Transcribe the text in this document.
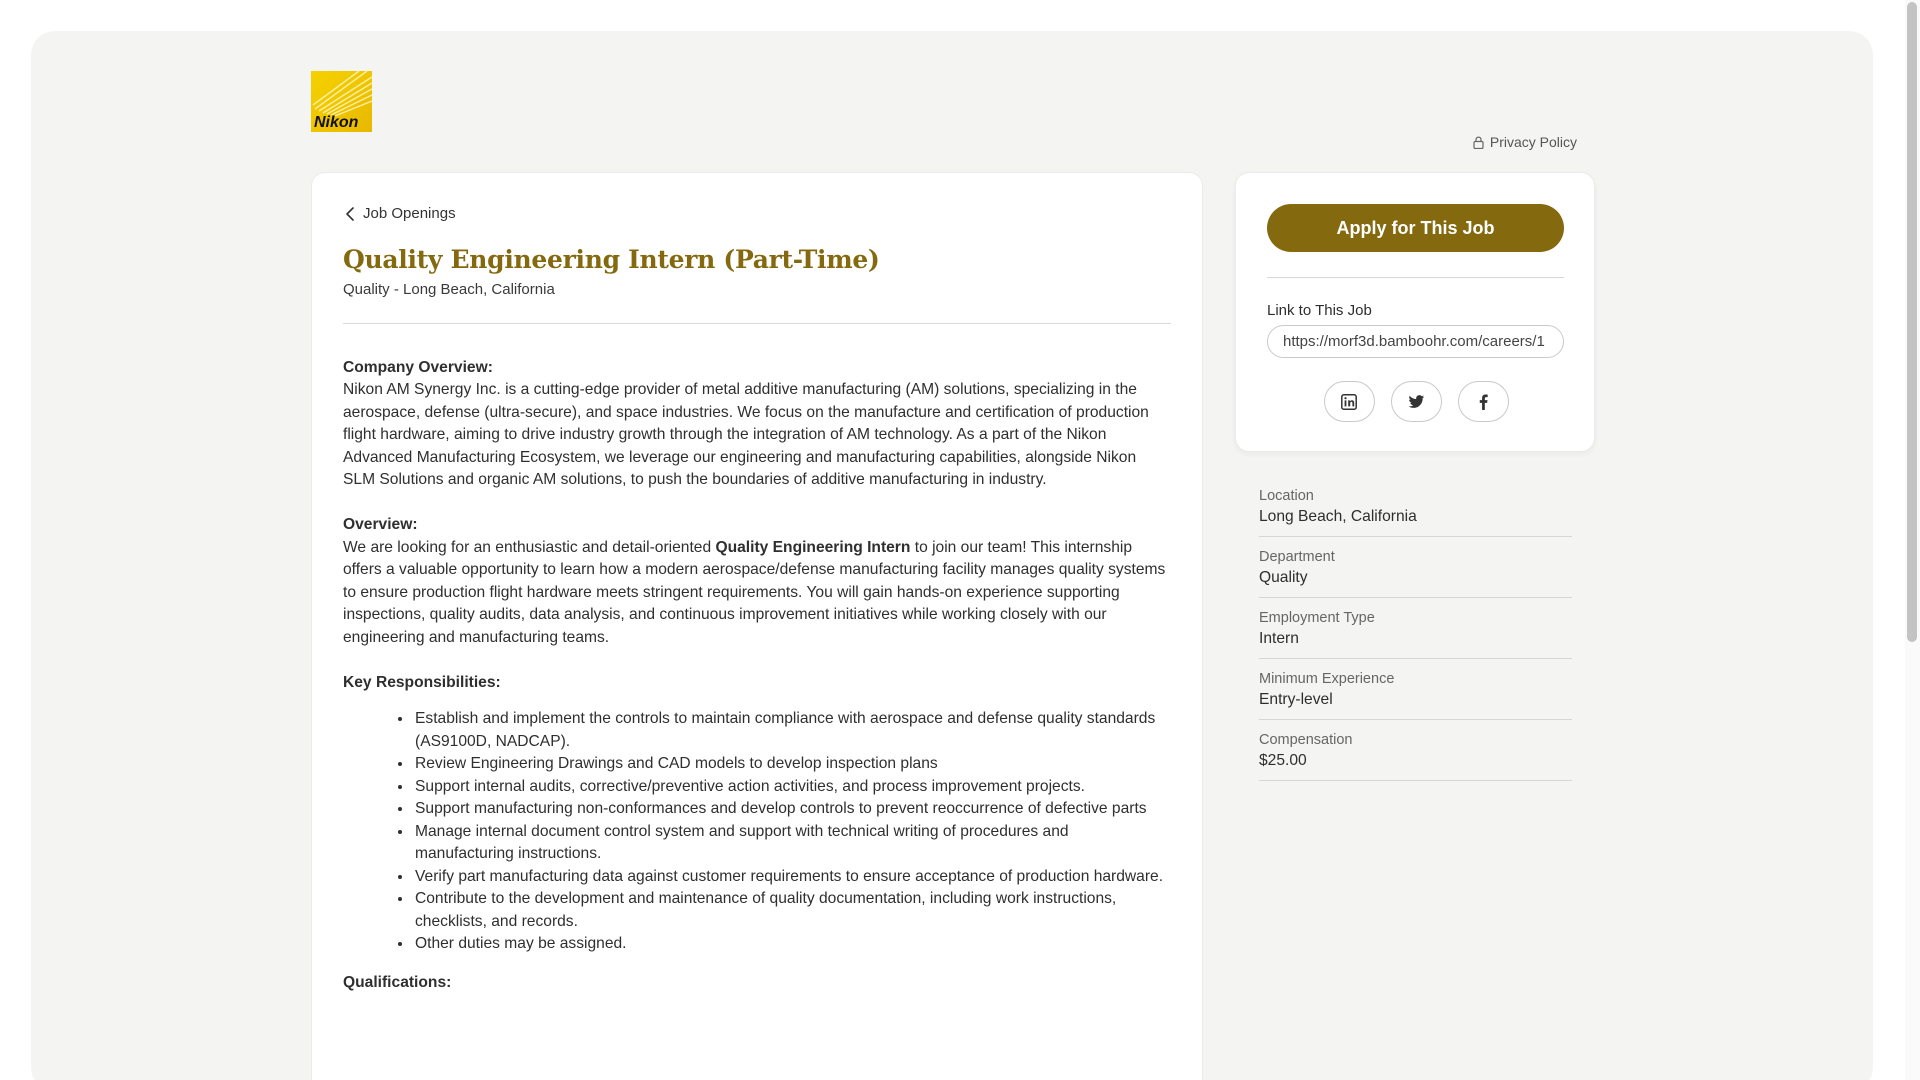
Nikon
Privacy Policy
Job Openings
Quality Engineering Intern (Part-Time)
Quality - Long Beach, California

Company Overview:

Nikon AM Synergy Inc. is a cutting-edge provider of metal additive manufacturing (AM) solutions, specializing in the aerospace, defense (ultra-secure), and space industries. We focus on the manufacture and certification of production flight hardware, aiming to drive industry growth through the integration of AM technology. As a part of the Nikon Advanced Manufacturing Ecosystem, we leverage our engineering and manufacturing capabilities, alongside Nikon SLM Solutions and organic AM solutions, to push the boundaries of additive manufacturing in industry.

Overview:

We are looking for an enthusiastic and detail-oriented Quality Engineering Intern to join our team! This internship offers a valuable opportunity to learn how a modern aerospace/defense manufacturing facility manages quality systems to ensure production flight hardware meets stringent requirements. You will gain hands-on experience supporting inspections, quality audits, data analysis, and continuous improvement initiatives while working closely with our engineering and manufacturing teams.

Key Responsibilities:

• Establish and implement the controls to maintain compliance with aerospace and defense quality standards (AS9100D, NADCAP).
• Review Engineering Drawings and CAD models to develop inspection plans
• Support internal audits, corrective/preventive action activities, and process improvement projects.
• Support manufacturing non-conformances and develop controls to prevent reoccurrence of defective parts
• Manage internal document control system and support with technical writing of procedures and manufacturing instructions.
• Verify part manufacturing data against customer requirements to ensure acceptance of production hardware.
• Contribute to the development and maintenance of quality documentation, including work instructions, checklists, and records.
• Other duties may be assigned.

Qualifications:

Apply for This Job
Link to This Job
https://morf3d.bamboohr.com/careers/1
Location
Long Beach, California
Department
Quality
Employment Type
Intern
Minimum Experience
Entry-level
Compensation
$25.00
